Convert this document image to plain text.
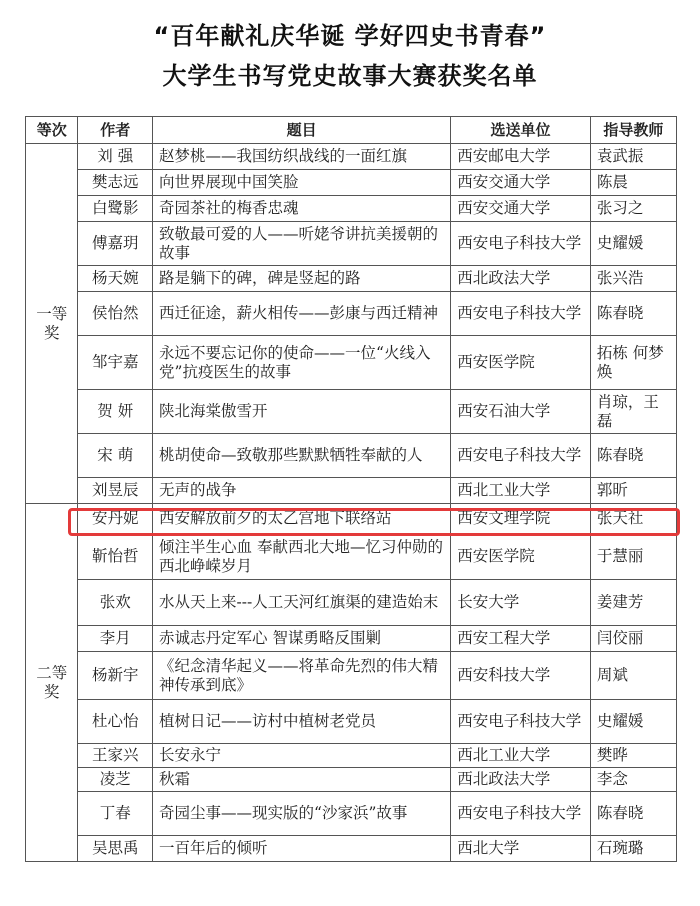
“百年献礼庆华诞 学好四史书青春”
大学生书写党史故事大赛获奖名单
等次	作者	题目	选送单位	指导教师
一等奖	刘 强	赵梦桃——我国纺织战线的一面红旗	西安邮电大学	袁武振
	樊志远	向世界展现中国笑脸	西安交通大学	陈晨
	白鹭影	奇园茶社的梅香忠魂	西安交通大学	张习之
	傅嘉玥	致敬最可爱的人——听姥爷讲抗美援朝的故事	西安电子科技大学	史耀媛
	杨天婉	路是躺下的碑，碑是竖起的路	西北政法大学	张兴浩
	侯怡然	西迁征途，薪火相传——彭康与西迁精神	西安电子科技大学	陈春晓
	邹宇嘉	永远不要忘记你的使命——一位“火线入党”抗疫医生的故事	西安医学院	拓栋 何梦焕
	贺 妍	陕北海棠傲雪开	西安石油大学	肖琼，王磊
	宋 萌	桃胡使命—致敬那些默默牺牲奉献的人	西安电子科技大学	陈春晓
	刘昱辰	无声的战争	西北工业大学	郭昕
二等奖	安丹妮	西安解放前夕的太乙宫地下联络站	西安文理学院	张天社
	靳怡哲	倾注半生心血 奉献西北大地—忆习仲勋的西北峥嵘岁月	西安医学院	于慧丽
	张欢	水从天上来---人工天河红旗渠的建造始末	长安大学	姜建芳
	李月	赤诚志丹定军心 智谋勇略反围剿	西安工程大学	闫佼丽
	杨新宇	《纪念清华起义——将革命先烈的伟大精神传承到底》	西安科技大学	周斌
	杜心怡	植树日记——访村中植树老党员	西安电子科技大学	史耀媛
	王家兴	长安永宁	西北工业大学	樊晔
	凌芝	秋霜	西北政法大学	李念
	丁春	奇园尘事——现实版的“沙家浜”故事	西安电子科技大学	陈春晓
	吴思禹	一百年后的倾听	西北大学	石琬璐
